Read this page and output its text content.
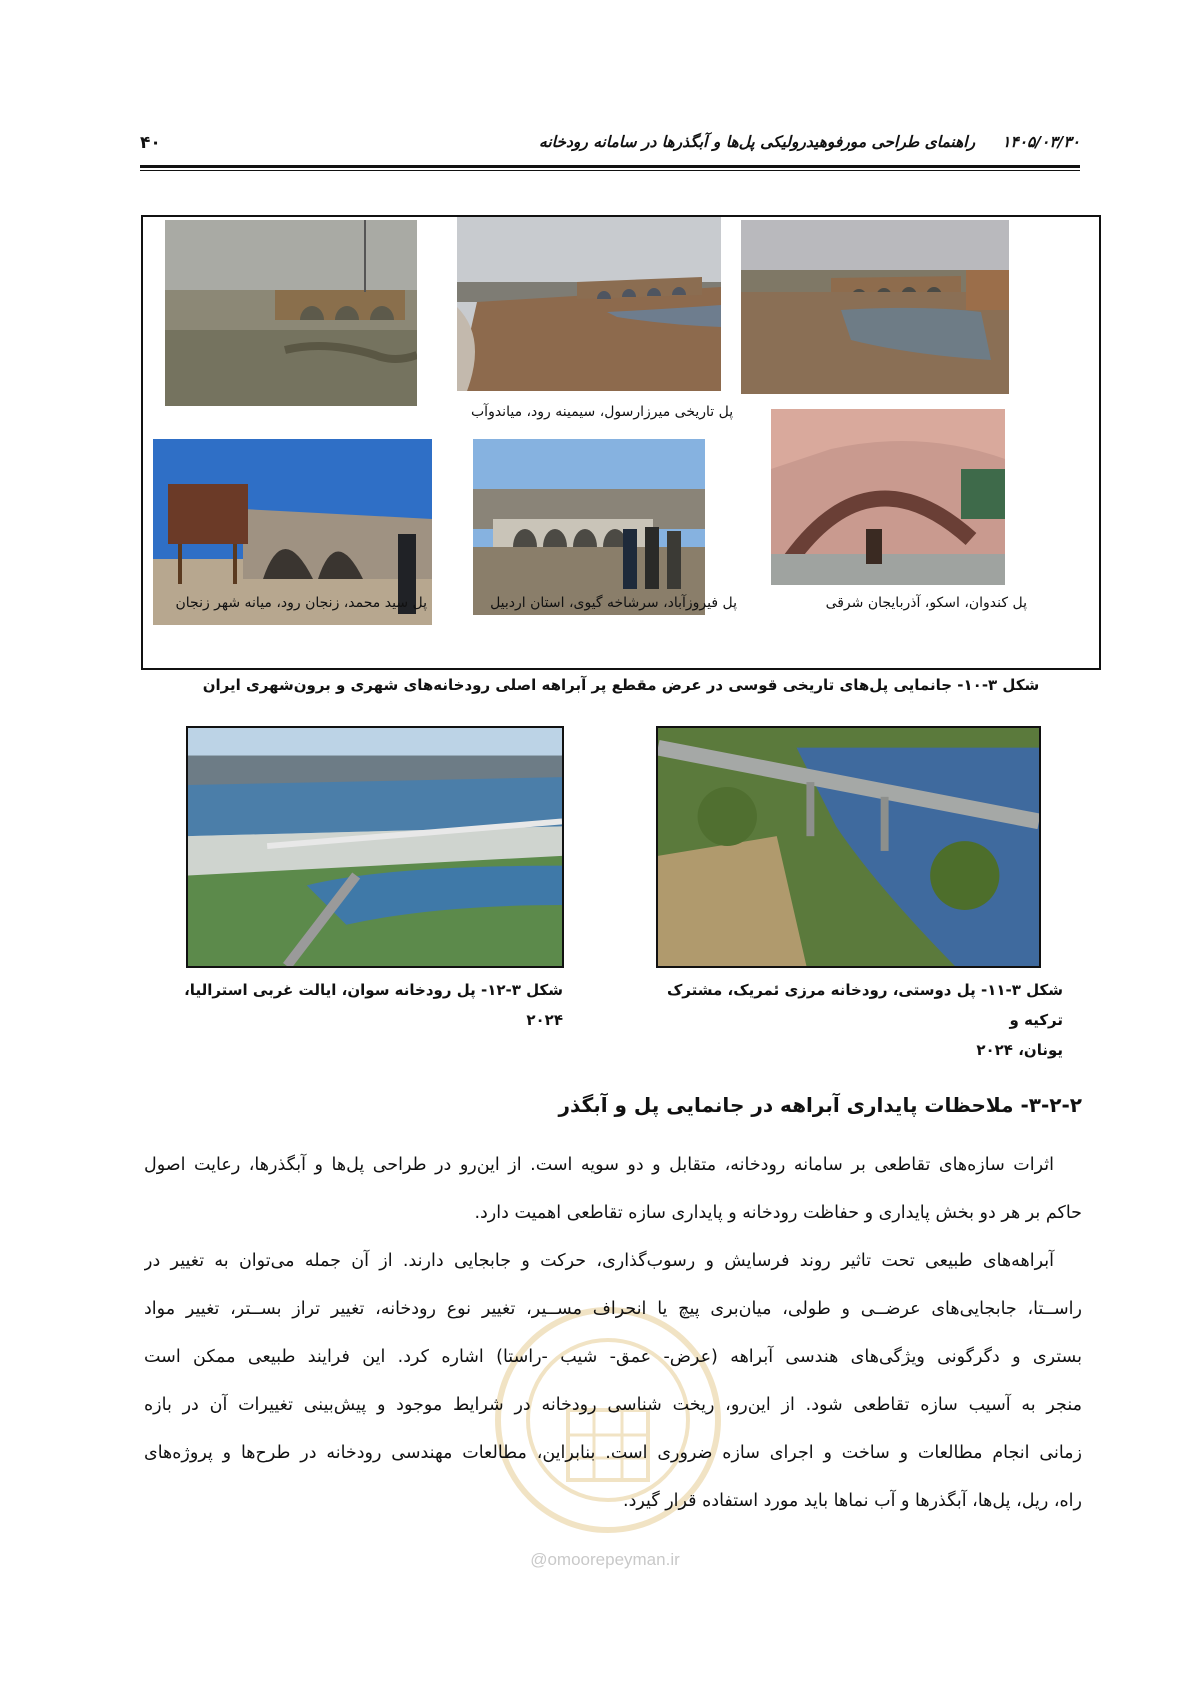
۴۰	۱۴۰۵/۰۳/۳۰     راهنمای طراحی مورفوهیدرولیکی پل‌ها و آبگذرها در سامانه رودخانه
پل تاریخی میرزارسول، سیمینه رود، میاندوآب
پل سید محمد، زنجان رود، میانه شهر زنجان	پل فیروزآباد، سرشاخه گیوی، استان اردبیل	پل کندوان، اسکو، آذربایجان شرقی
شکل ۳-۱۰- جانمایی پل‌های تاریخی قوسی در عرض مقطع پر آبراهه اصلی رودخانه‌های شهری و برون‌شهری ایران
شکل ۳-۱۲- پل رودخانه سوان، ایالت غربی استرالیا، ۲۰۲۴
شکل ۳-۱۱- پل دوستی، رودخانه مرزی ئمریک، مشترک ترکیه و
یونان، ۲۰۲۴
@omoorepeyman.ir
۳-۲-۲- ملاحظات پایداری آبراهه در جانمایی پل و آبگذر
اثرات سازه‌های تقاطعی بر سامانه رودخانه، متقابل و دو سویه است. از این‌رو در طراحی پل‌ها و آبگذرها، رعایت اصول
حاکم بر هر دو بخش پایداری و حفاظت رودخانه و پایداری سازه تقاطعی اهمیت دارد.
آبراهه‌های طبیعی تحت تاثیر روند فرسایش و رسوب‌گذاری، حرکت و جابجایی دارند. از آن جمله می‌توان به تغییر در
راســتا، جابجایی‌های عرضــی و طولی، میان‌بری پیچ یا انحراف مســیر، تغییر نوع رودخانه، تغییر تراز بســتر، تغییر مواد
بستری و دگرگونی ویژگی‌های هندسی آبراهه (عرض- عمق- شیب -راستا) اشاره کرد. این فرایند طبیعی ممکن است
منجر به آسیب سازه تقاطعی شود. از این‌رو، ریخت شناسی رودخانه در شرایط موجود و پیش‌بینی تغییرات آن در بازه
زمانی انجام مطالعات و ساخت و اجرای سازه ضروری است. بنابراین، مطالعات مهندسی رودخانه در طرح‌ها و پروژه‌های
راه، ریل، پل‌ها، آبگذرها و آب نماها باید مورد استفاده قرار گیرد.
